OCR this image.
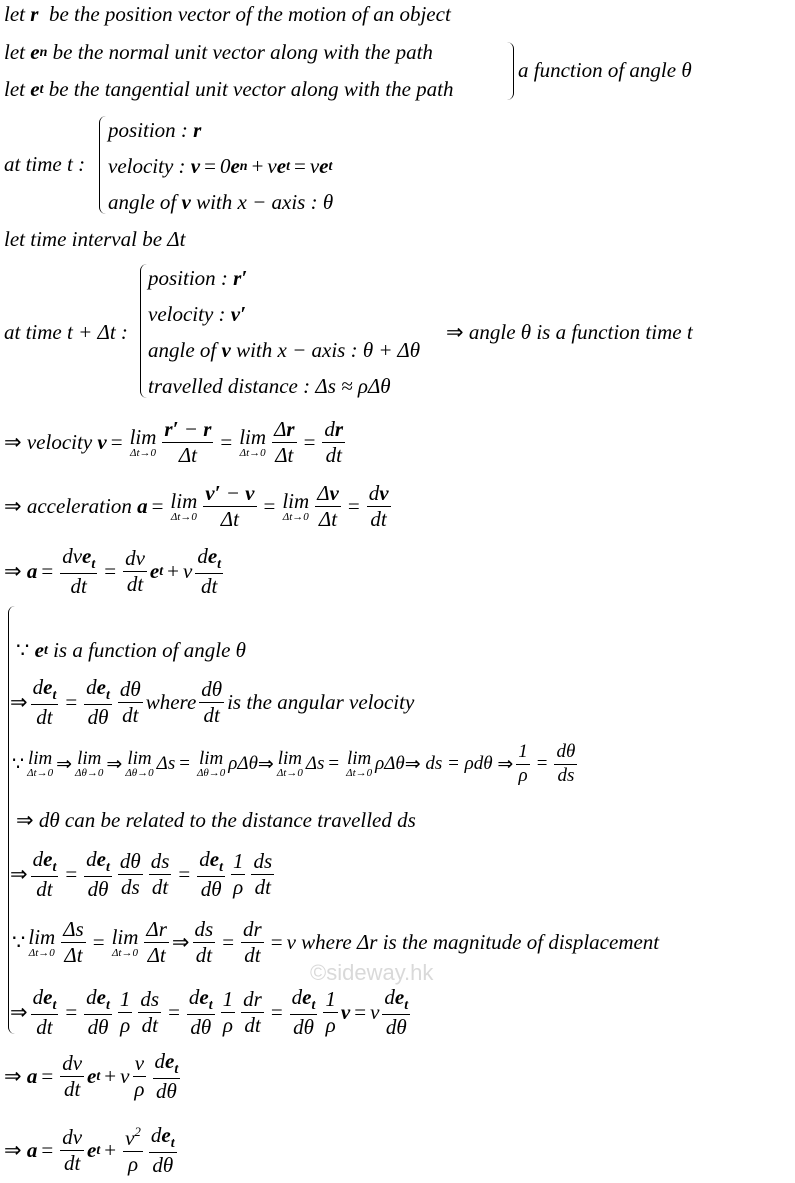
let r be the position vector of the motion of an object
let e n be the normal unit vector along with the path
let e t be the tangential unit vector along with the path
a function of angle θ
at time t :
position : r
velocity : v = 0 e n + v e t = v e t
angle of v with x − axis : θ
let time interval be Δt
at time t + Δt :
position : r′
velocity : v′
angle of v with x − axis : θ + Δθ
travelled distance : Δs ≈ ρΔθ
⇒ angle θ is a function time t
⇒ velocity v = lim
$\Delta t\to 0 \frac{r' - r}{\Delta t} = \lim$
$\Delta t\to 0 \frac{\Delta r}{\Delta t} = \frac{dr}{dt}$
⇒ acceleration a = lim
$\Delta t\to 0 \frac{v' - v}{\Delta t} = \lim$
$\Delta t\to 0 \frac{\Delta v}{\Delta t} = \frac{dv}{dt}$
⇒
$a = \frac{dve_t}{dt} = \frac{dv}{dt}$ e t + v $\frac{de_t}{dt}$
∵
e t is a function of angle θ
⇒ $\frac{de_t}{dt} = \frac{de_t}{d\theta} \frac{d\theta}{dt}$ where $\frac{d\theta}{dt}$ is the angular velocity
∵ lim
Δt→0 ⇒ lim
Δθ→0 ⇒ lim
Δθ→0 Δs = lim
Δθ→0 ρΔθ ⇒ lim
Δt→0 Δs = lim
Δt→0 ρΔθ ⇒ ds = ρdθ ⇒ $\frac{1}{\rho} = \frac{d\theta}{ds}$
⇒ dθ can be related to the distance travelled ds
⇒ $\frac{de_t}{dt} = \frac{de_t}{d\theta} \frac{d\theta}{ds} \frac{ds}{dt} = \frac{de_t}{d\theta} \frac{1}{\rho} \frac{ds}{dt}$
∵ lim
$\Delta t\to 0 \frac{\Delta s}{\Delta t} = \lim$
$\Delta t\to 0 \frac{\Delta r}{\Delta t}$ ⇒ $\frac{ds}{dt} = \frac{dr}{dt} = v$ where Δr is the magnitude of displacement
⇒ $\frac{de_t}{dt} = \frac{de_t}{d\theta} \frac{1}{\rho} \frac{ds}{dt} = \frac{de_t}{d\theta} \frac{1}{\rho} \frac{dr}{dt} = \frac{de_t}{d\theta} \frac{1}{\rho}$ v = v $\frac{de_t}{d\theta}$
⇒
$a = \frac{dv}{dt}$ e t + v $\frac{v}{\rho} \frac{de_t}{d\theta}$
⇒
$a = \frac{dv}{dt}$ e $t + \frac{v^2}{\rho} \frac{de_t}{d\theta}$
©sideway.hk
